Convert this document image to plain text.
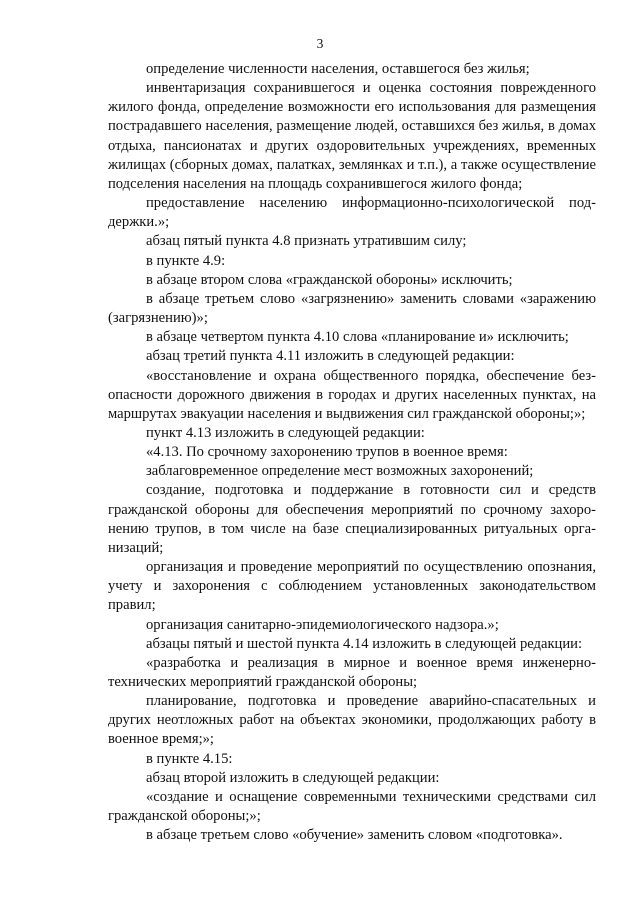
3

определение численности населения, оставшегося без жилья;

инвентаризация сохранившегося и оценка состояния поврежденного жилого фонда, определение возможности его использования для размещения пострадавшего населения, размещение людей, оставшихся без жилья, в домах отдыха, пансионатах и других оздоровительных учреждениях, временных жилищах (сборных домах, палатках, землянках и т.п.), а также осуществление подселения населения на площадь сохранившегося жилого фонда;

предоставление населению информационно-психологической поддержки.»;

абзац пятый пункта 4.8 признать утратившим силу;

в пункте 4.9:

в абзаце втором слова «гражданской обороны» исключить;

в абзаце третьем слово «загрязнению» заменить словами «заражению (загрязнению)»;

в абзаце четвертом пункта 4.10 слова «планирование и» исключить;

абзац третий пункта 4.11 изложить в следующей редакции:

«восстановление и охрана общественного порядка, обеспечение безопасности дорожного движения в городах и других населенных пунктах, на маршрутах эвакуации населения и выдвижения сил гражданской обороны;»;

пункт 4.13 изложить в следующей редакции:

«4.13. По срочному захоронению трупов в военное время:

заблаговременное определение мест возможных захоронений;

создание, подготовка и поддержание в готовности сил и средств гражданской обороны для обеспечения мероприятий по срочному захоронению трупов, в том числе на базе специализированных ритуальных организаций;

организация и проведение мероприятий по осуществлению опознания, учету и захоронения с соблюдением установленных законодательством правил;

организация санитарно-эпидемиологического надзора.»;

абзацы пятый и шестой пункта 4.14 изложить в следующей редакции:

«разработка и реализация в мирное и военное время инженерно-технических мероприятий гражданской обороны;

планирование, подготовка и проведение аварийно-спасательных и других неотложных работ на объектах экономики, продолжающих работу в военное время;»;

в пункте 4.15:

абзац второй изложить в следующей редакции:

«создание и оснащение современными техническими средствами сил гражданской обороны;»;

в абзаце третьем слово «обучение» заменить словом «подготовка».
